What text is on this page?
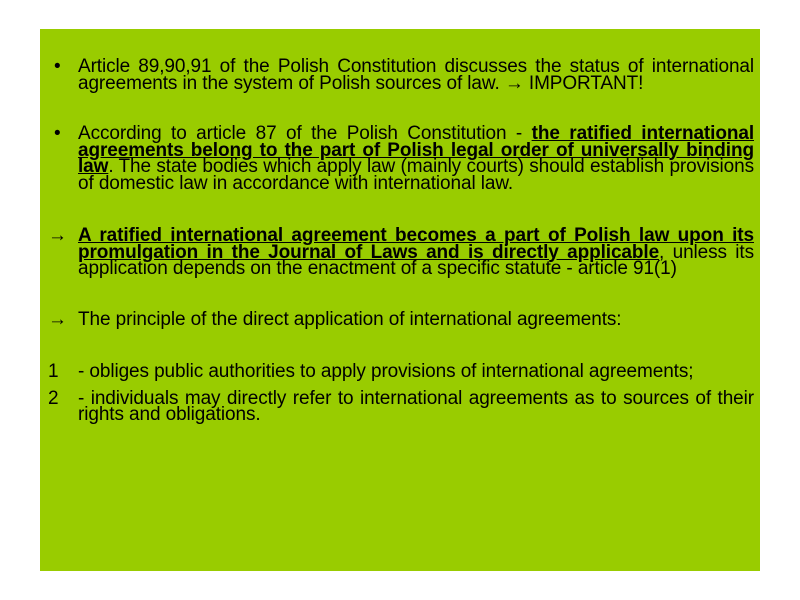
• Article 89,90,91 of the Polish Constitution discusses the status of international agreements in the system of Polish sources of law. → IMPORTANT!
• According to article 87 of the Polish Constitution - the ratified international agreements belong to the part of Polish legal order of universally binding law. The state bodies which apply law (mainly courts) should establish provisions of domestic law in accordance with international law.
→ A ratified international agreement becomes a part of Polish law upon its promulgation in the Journal of Laws and is directly applicable, unless its application depends on the enactment of a specific statute - article 91(1)
→ The principle of the direct application of international agreements:
1 - obliges public authorities to apply provisions of international agreements;
2 - individuals may directly refer to international agreements as to sources of their rights and obligations.
